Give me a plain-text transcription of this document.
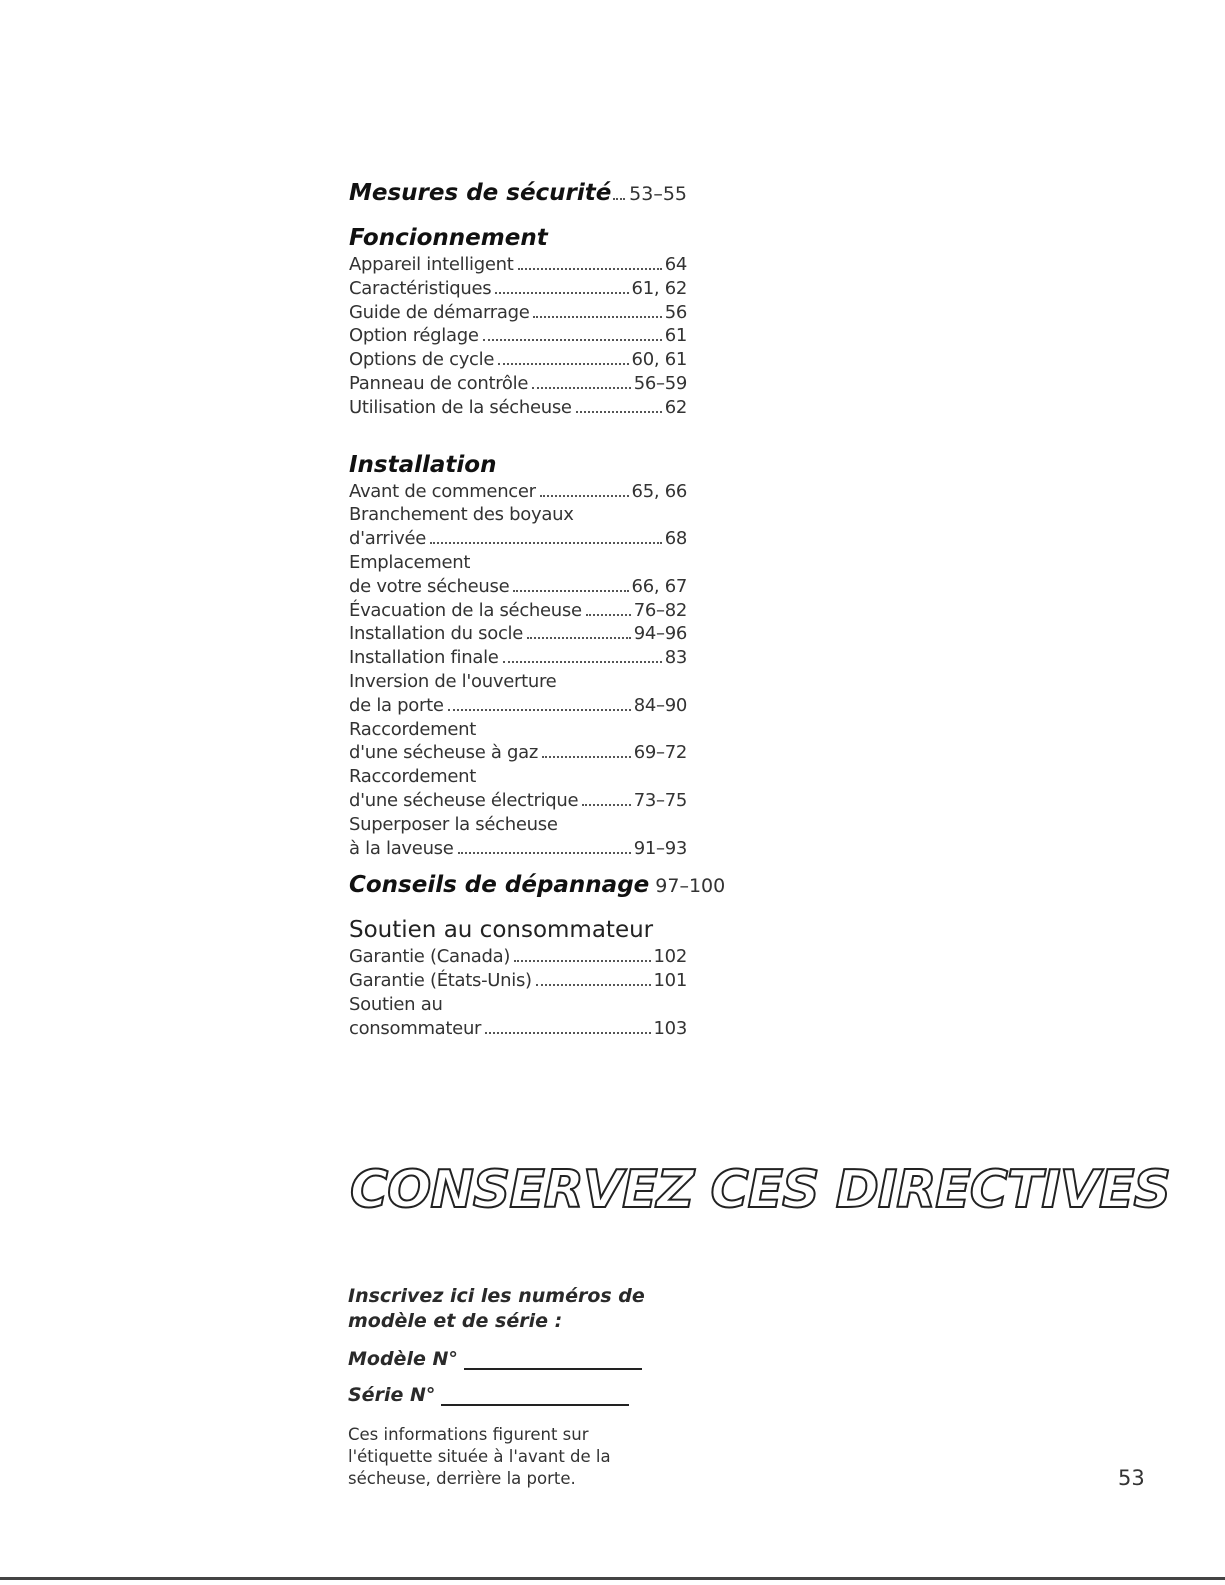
Mesures de sécurité 53–55
Foncionnement
Appareil intelligent	64
Caractéristiques	61, 62
Guide de démarrage	56
Option réglage	61
Options de cycle	60, 61
Panneau de contrôle	56–59
Utilisation de la sécheuse	62
Installation
Avant de commencer	65, 66
Branchement des boyaux
d'arrivée	68
Emplacement
de votre sécheuse	66, 67
Évacuation de la sécheuse	76–82
Installation du socle	94–96
Installation finale	83
Inversion de l'ouverture
de la porte	84–90
Raccordement
d'une sécheuse à gaz	69–72
Raccordement
d'une sécheuse électrique	73–75
Superposer la sécheuse
à la laveuse	91–93
Conseils de dépannage 97–100
Soutien au consommateur
Garantie (Canada)	102
Garantie (États-Unis)	101
Soutien au
consommateur	103
CONSERVEZ CES DIRECTIVES
Inscrivez ici les numéros de modèle et de série :
Modèle N°
Série N°
Ces informations figurent sur l'étiquette située à l'avant de la sécheuse, derrière la porte.	53
